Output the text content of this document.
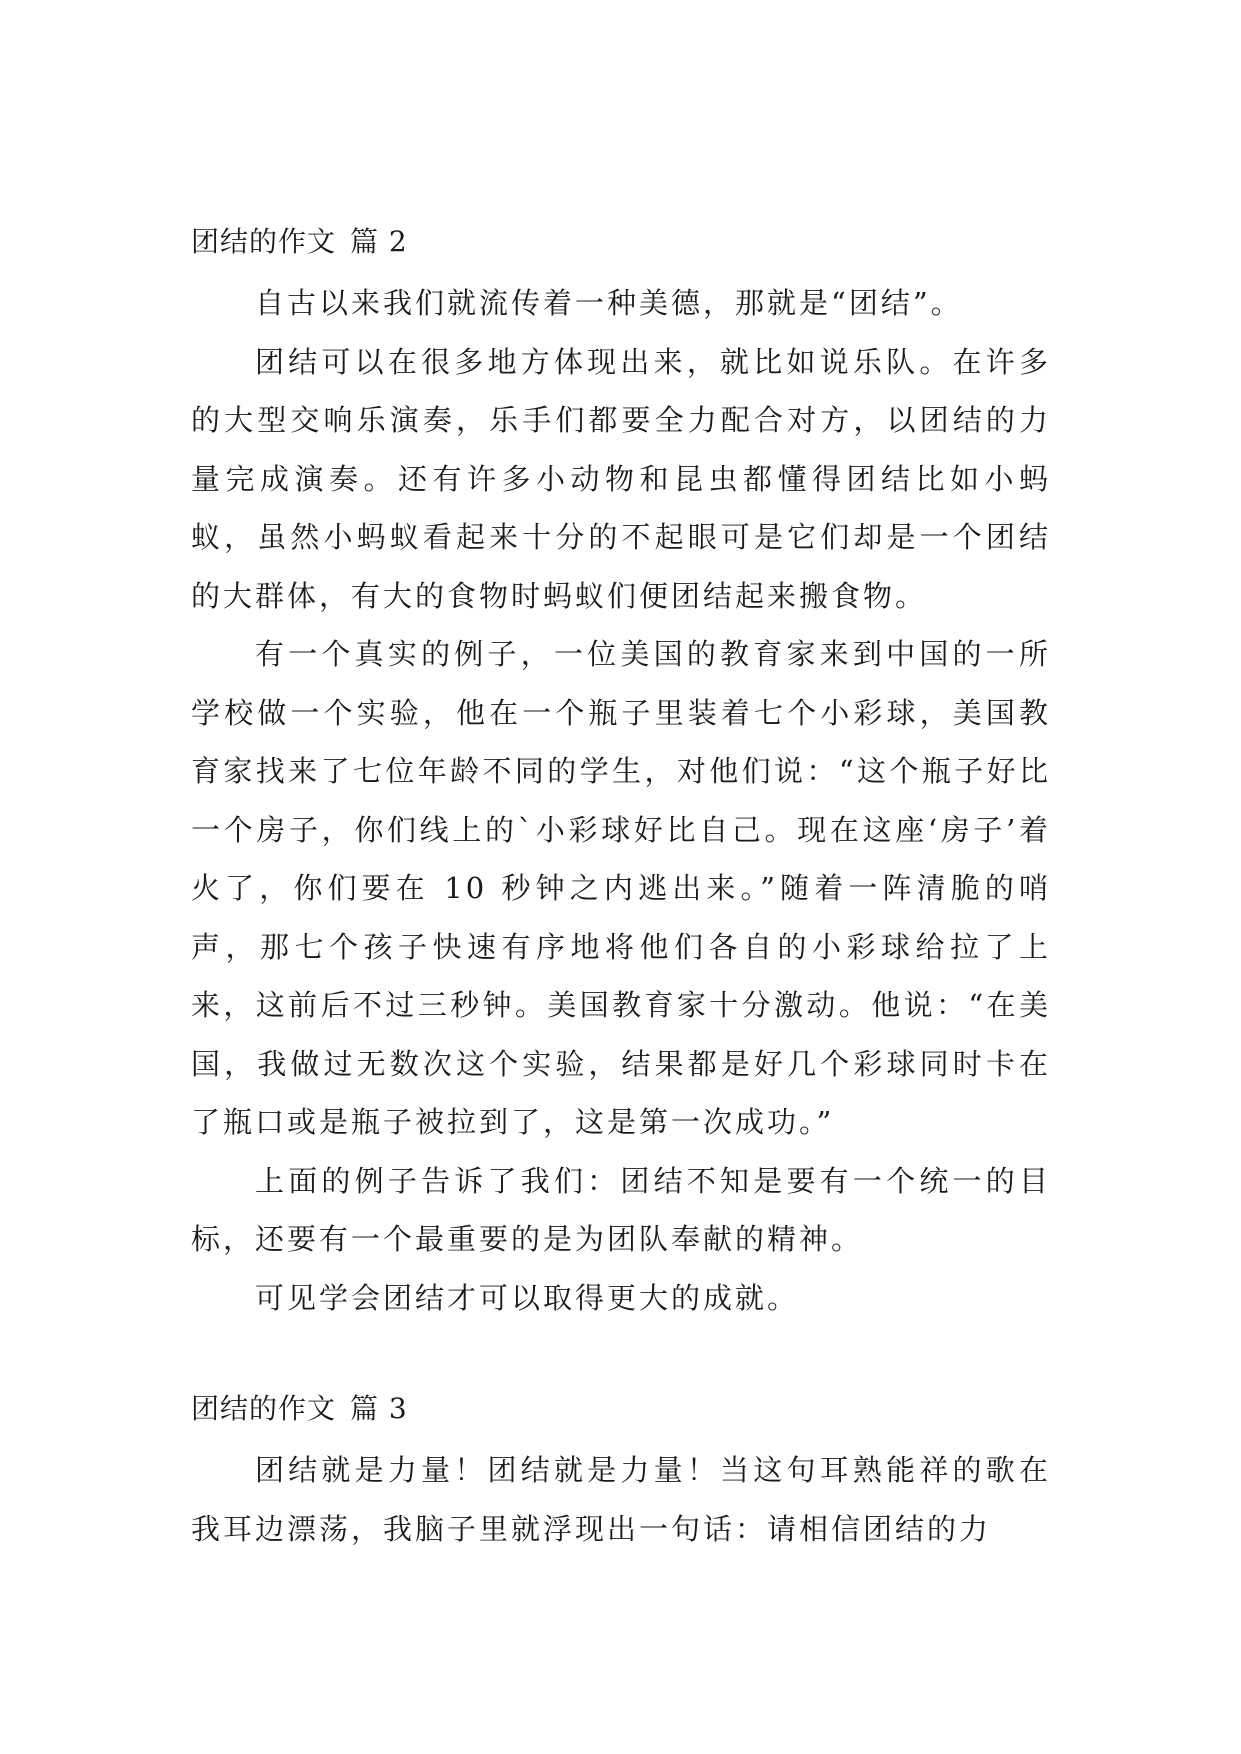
团结的作文 篇 2

自古以来我们就流传着一种美德，那就是“团结”。

团结可以在很多地方体现出来，就比如说乐队。在许多的大型交响乐演奏，乐手们都要全力配合对方，以团结的力量完成演奏。还有许多小动物和昆虫都懂得团结比如小蚂蚁，虽然小蚂蚁看起来十分的不起眼可是它们却是一个团结的大群体，有大的食物时蚂蚁们便团结起来搬食物。

有一个真实的例子，一位美国的教育家来到中国的一所学校做一个实验，他在一个瓶子里装着七个小彩球，美国教育家找来了七位年龄不同的学生，对他们说：“这个瓶子好比一个房子，你们线上的`小彩球好比自己。现在这座‘房子’着火了，你们要在 10 秒钟之内逃出来。”随着一阵清脆的哨声，那七个孩子快速有序地将他们各自的小彩球给拉了上来，这前后不过三秒钟。美国教育家十分激动。他说：“在美国，我做过无数次这个实验，结果都是好几个彩球同时卡在了瓶口或是瓶子被拉到了，这是第一次成功。”

上面的例子告诉了我们：团结不知是要有一个统一的目标，还要有一个最重要的是为团队奉献的精神。

可见学会团结才可以取得更大的成就。

团结的作文 篇 3

团结就是力量！团结就是力量！当这句耳熟能祥的歌在我耳边漂荡，我脑子里就浮现出一句话：请相信团结的力
